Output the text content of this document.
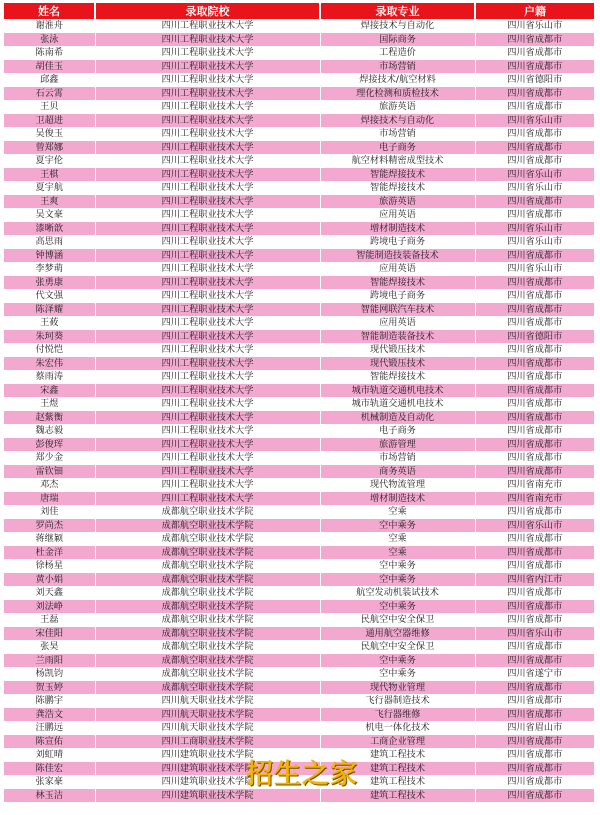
姓名	录取院校	录取专业	户籍
谢淮舟	四川工程职业技术大学	焊接技术与自动化	四川省乐山市
张泳	四川工程职业技术大学	国际商务	四川省成都市
陈南希	四川工程职业技术大学	工程造价	四川省成都市
胡佳玉	四川工程职业技术大学	市场营销	四川省成都市
邱鑫	四川工程职业技术大学	焊接技术/航空材料	四川省德阳市
石云霄	四川工程职业技术大学	理化检测和质检技术	四川省成都市
王贝	四川工程职业技术大学	旅游英语	四川省成都市
卫超进	四川工程职业技术大学	焊接技术与自动化	四川省乐山市
吴俊玉	四川工程职业技术大学	市场营销	四川省成都市
曾郑娜	四川工程职业技术大学	电子商务	四川省成都市
夏宇伦	四川工程职业技术大学	航空材料精密成型技术	四川省成都市
王棋	四川工程职业技术大学	智能焊接技术	四川省乐山市
夏宇航	四川工程职业技术大学	智能焊接技术	四川省乐山市
王爽	四川工程职业技术大学	旅游英语	四川省成都市
吴文豪	四川工程职业技术大学	应用英语	四川省成都市
漆晰歆	四川工程职业技术大学	增材制造技术	四川省乐山市
高思雨	四川工程职业技术大学	跨境电子商务	四川省乐山市
钟博涵	四川工程职业技术大学	智能制造技装备技术	四川省成都市
李梦萌	四川工程职业技术大学	应用英语	四川省乐山市
张勇康	四川工程职业技术大学	智能焊接技术	四川省成都市
代文强	四川工程职业技术大学	跨境电子商务	四川省成都市
陈泽耀	四川工程职业技术大学	智能网联汽车技术	四川省成都市
王莜	四川工程职业技术大学	应用英语	四川省成都市
朱珂葵	四川工程职业技术大学	智能制造装备技术	四川省德阳市
付悦恺	四川工程职业技术大学	现代锻压技术	四川省成都市
朱宏伟	四川工程职业技术大学	现代锻压技术	四川省成都市
蔡雨涛	四川工程职业技术大学	智能焊接技术	四川省成都市
宋鑫	四川工程职业技术大学	城市轨道交通机电技术	四川省成都市
王煜	四川工程职业技术大学	城市轨道交通机电技术	四川省成都市
赵紫衡	四川工程职业技术大学	机械制造及自动化	四川省成都市
魏志毅	四川工程职业技术大学	电子商务	四川省成都市
彭俊珲	四川工程职业技术大学	旅游管理	四川省成都市
郑少金	四川工程职业技术大学	市场营销	四川省成都市
雷钦钿	四川工程职业技术大学	商务英语	四川省成都市
邓杰	四川工程职业技术大学	现代物流管理	四川省南充市
唐瑞	四川工程职业技术大学	增材制造技术	四川省南充市
刘佳	成都航空职业技术学院	空乘	四川省成都市
罗尚杰	成都航空职业技术学院	空中乘务	四川省乐山市
蒋继颖	成都航空职业技术学院	空乘	四川省成都市
杜金洋	成都航空职业技术学院	空乘	四川省成都市
徐杨星	成都航空职业技术学院	空中乘务	四川省成都市
黄小娟	成都航空职业技术学院	空中乘务	四川省内江市
刘天鑫	成都航空职业技术学院	航空发动机装试技术	四川省成都市
刘法峥	成都航空职业技术学院	空中乘务	四川省成都市
王磊	成都航空职业技术学院	民航空中安全保卫	四川省成都市
宋佳阳	成都航空职业技术学院	通用航空器维修	四川省乐山市
张昊	成都航空职业技术学院	民航空中安全保卫	四川省成都市
兰雨阳	成都航空职业技术学院	空中乘务	四川省成都市
杨凯钧	成都航空职业技术学院	空中乘务	四川省遂宁市
贺玉婷	成都航空职业技术学院	现代物业管理	四川省成都市
陈鹏宇	四川航天职业技术学院	飞行器制造技术	四川省成都市
龚浩文	四川航天职业技术学院	飞行器维修	四川省成都市
汪鹏远	四川航天职业技术学院	机电一体化技术	四川省眉山市
陈宣佑	四川工商职业技术学院	工商企业管理	四川省成都市
刘虹晴	四川建筑职业技术学院	建筑工程技术	四川省成都市
陈佳宏	四川建筑职业技术学院	建筑工程技术	四川省成都市
张家豪	四川建筑职业技术学院	建筑工程技术	四川省成都市
林玉洁	四川建筑职业技术学院	建筑工程技术	四川省成都市
招生之家
